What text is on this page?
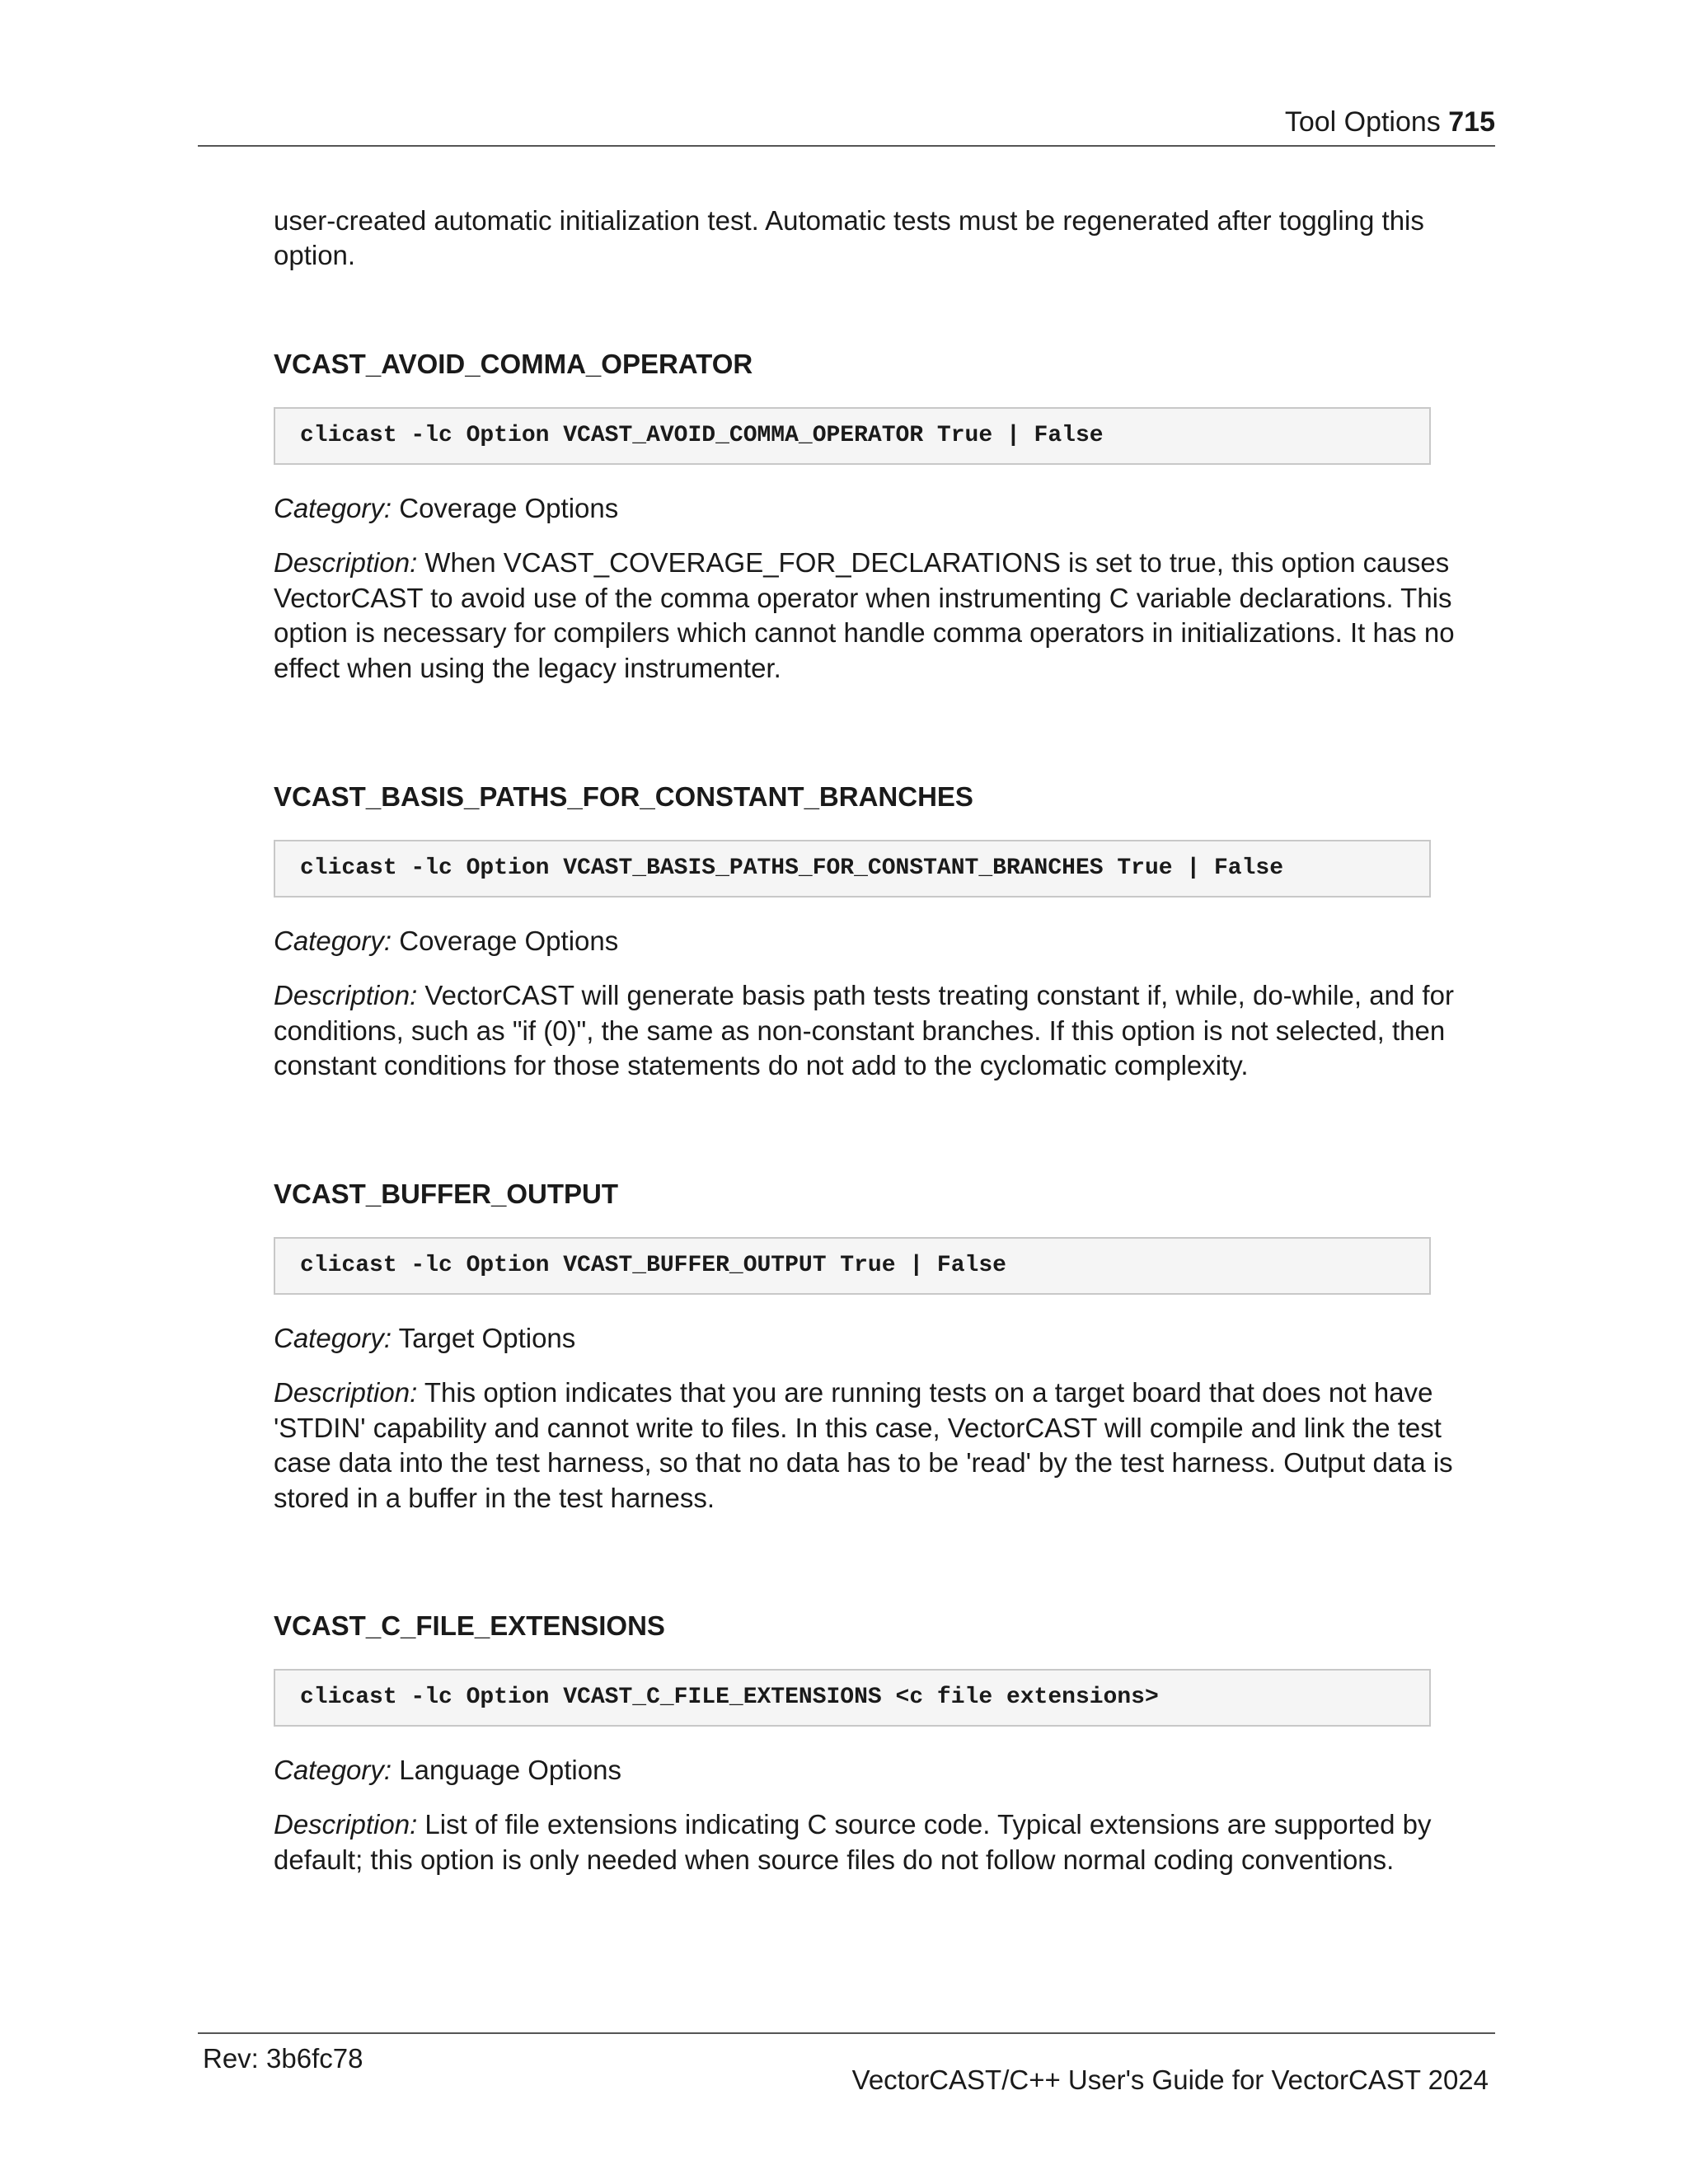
Tool Options 715

user-created automatic initialization test. Automatic tests must be regenerated after toggling this option.

VCAST_AVOID_COMMA_OPERATOR
clicast -lc Option VCAST_AVOID_COMMA_OPERATOR True | False

Category: Coverage Options

Description: When VCAST_COVERAGE_FOR_DECLARATIONS is set to true, this option causes VectorCAST to avoid use of the comma operator when instrumenting C variable declarations. This option is necessary for compilers which cannot handle comma operators in initializations. It has no effect when using the legacy instrumenter.

VCAST_BASIS_PATHS_FOR_CONSTANT_BRANCHES
clicast -lc Option VCAST_BASIS_PATHS_FOR_CONSTANT_BRANCHES True | False

Category: Coverage Options

Description: VectorCAST will generate basis path tests treating constant if, while, do-while, and for conditions, such as "if (0)", the same as non-constant branches. If this option is not selected, then constant conditions for those statements do not add to the cyclomatic complexity.

VCAST_BUFFER_OUTPUT
clicast -lc Option VCAST_BUFFER_OUTPUT True | False

Category: Target Options

Description: This option indicates that you are running tests on a target board that does not have 'STDIN' capability and cannot write to files. In this case, VectorCAST will compile and link the test case data into the test harness, so that no data has to be 'read' by the test harness. Output data is stored in a buffer in the test harness.

VCAST_C_FILE_EXTENSIONS
clicast -lc Option VCAST_C_FILE_EXTENSIONS <c file extensions>

Category: Language Options

Description: List of file extensions indicating C source code. Typical extensions are supported by default; this option is only needed when source files do not follow normal coding conventions.

Rev: 3b6fc78
VectorCAST/C++ User's Guide for VectorCAST 2024
